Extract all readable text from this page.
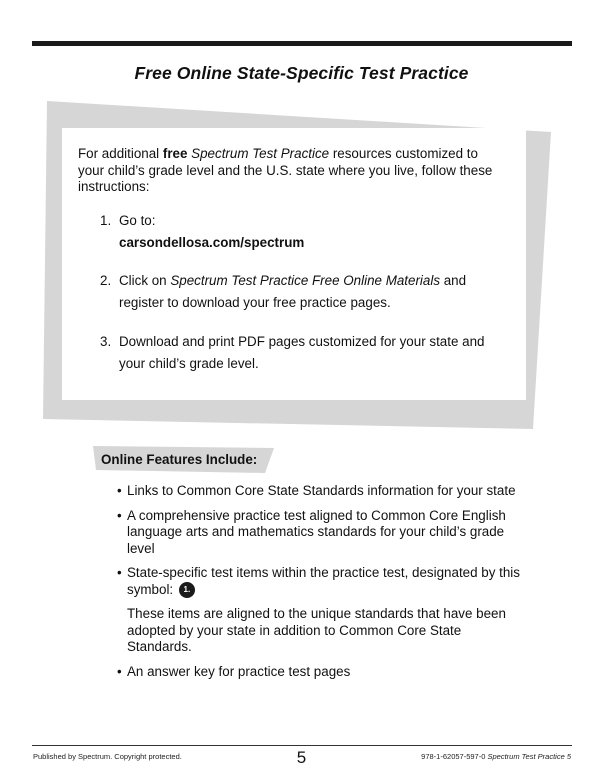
Free Online State-Specific Test Practice
For additional free Spectrum Test Practice resources customized to your child’s grade level and the U.S. state where you live, follow these instructions:
1. Go to:
carsondellosa.com/spectrum
2. Click on Spectrum Test Practice Free Online Materials and register to download your free practice pages.
3. Download and print PDF pages customized for your state and your child’s grade level.
Online Features Include:
• Links to Common Core State Standards information for your state
• A comprehensive practice test aligned to Common Core English language arts and mathematics standards for your child’s grade level
• State-specific test items within the practice test, designated by this symbol: 1.
These items are aligned to the unique standards that have been adopted by your state in addition to Common Core State Standards.
• An answer key for practice test pages
Published by Spectrum. Copyright protected.	5	978-1-62057-597-0 Spectrum Test Practice 5
